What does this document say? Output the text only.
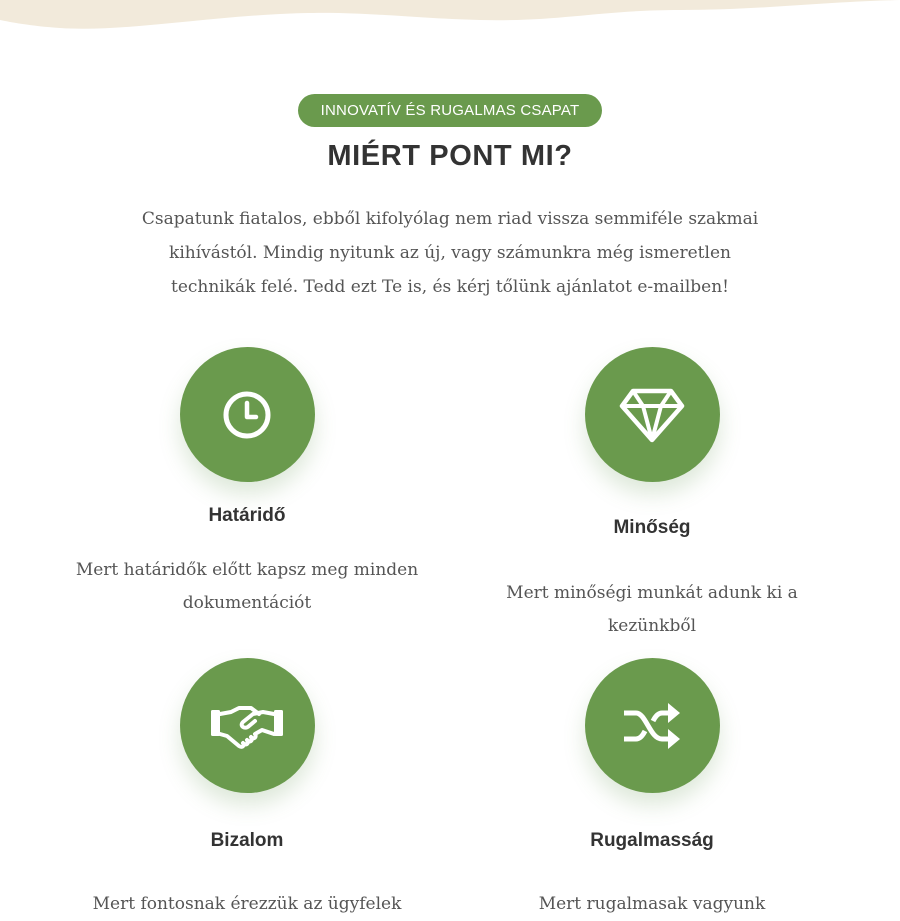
INNOVATÍV ÉS RUGALMAS CSAPAT
MIÉRT PONT MI?

Csapatunk fiatalos, ebből kifolyólag nem riad vissza semmiféle szakmai
kihívástól. Mindig nyitunk az új, vagy számunkra még ismeretlen
technikák felé. Tedd ezt Te is, és kérj tőlünk ajánlatot e-mailben!

Határidő

Mert határidők előtt kapsz meg minden
dokumentációt

Minőség

Mert minőségi munkát adunk ki a
kezünkből

Bizalom

Mert fontosnak érezzük az ügyfelek

Rugalmasság

Mert rugalmasak vagyunk
